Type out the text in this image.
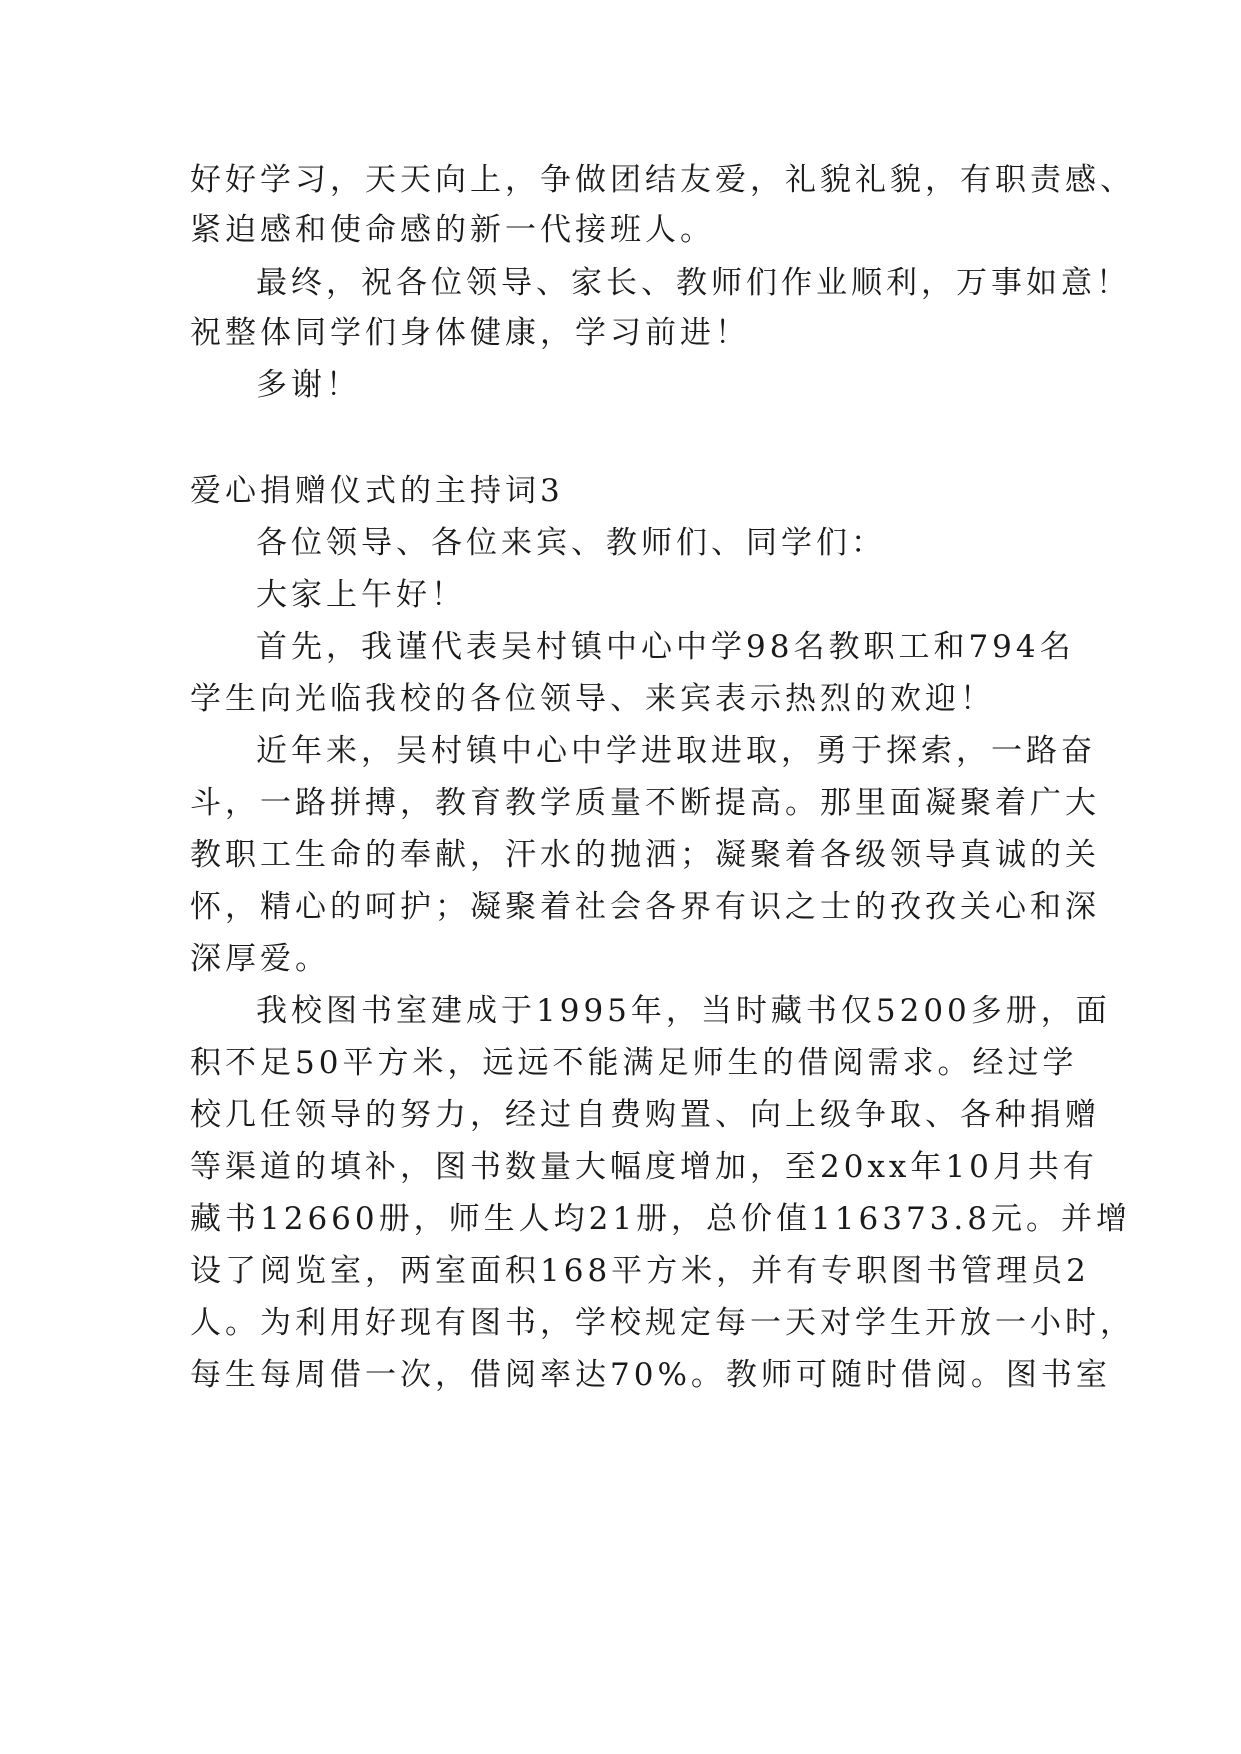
好好学习，天天向上，争做团结友爱，礼貌礼貌，有职责感、
紧迫感和使命感的新一代接班人。
最终，祝各位领导、家长、教师们作业顺利，万事如意！
祝整体同学们身体健康，学习前进！
多谢！
爱心捐赠仪式的主持词3
各位领导、各位来宾、教师们、同学们：
大家上午好！
首先，我谨代表吴村镇中心中学98名教职工和794名
学生向光临我校的各位领导、来宾表示热烈的欢迎！
近年来，吴村镇中心中学进取进取，勇于探索，一路奋
斗，一路拼搏，教育教学质量不断提高。那里面凝聚着广大
教职工生命的奉献，汗水的抛洒；凝聚着各级领导真诚的关
怀，精心的呵护；凝聚着社会各界有识之士的孜孜关心和深
深厚爱。
我校图书室建成于1995年，当时藏书仅5200多册，面
积不足50平方米，远远不能满足师生的借阅需求。经过学
校几任领导的努力，经过自费购置、向上级争取、各种捐赠
等渠道的填补，图书数量大幅度增加，至20xx年10月共有
藏书12660册，师生人均21册，总价值116373.8元。并增
设了阅览室，两室面积168平方米，并有专职图书管理员2
人。为利用好现有图书，学校规定每一天对学生开放一小时，
每生每周借一次，借阅率达70%。教师可随时借阅。图书室
